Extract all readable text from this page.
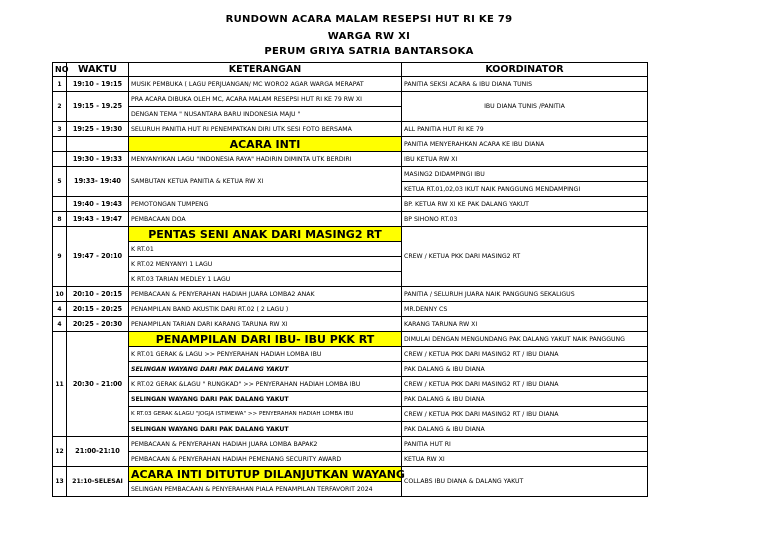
RUNDOWN ACARA MALAM RESEPSI HUT RI KE 79
WARGA RW XI
PERUM GRIYA SATRIA BANTARSOKA
NO	WAKTU	KETERANGAN	KOORDINATOR
1	19:10 - 19:15	MUSIK PEMBUKA ( LAGU PERJUANGAN/ MC WORO2 AGAR WARGA MERAPAT	PANITIA SEKSI ACARA & IBU DIANA TUNIS
2	19:15 - 19.25	PRA ACARA DIBUKA OLEH MC, ACARA MALAM RESEPSI HUT RI KE 79 RW XI	IBU DIANA TUNIS /PANITIA
		DENGAN TEMA " NUSANTARA BARU INDONESIA MAJU "	
3	19:25 - 19:30	SELURUH PANITIA HUT RI PENEMPATKAN DIRI UTK SESI FOTO BERSAMA	ALL PANITIA HUT RI KE 79
		ACARA INTI	PANITIA MENYERAHKAN ACARA KE IBU DIANA
	19:30 - 19:33	MENYANYIKAN LAGU "INDONESIA RAYA" HADIRIN DIMINTA UTK BERDIRI	IBU KETUA RW XI
5	19:33- 19:40	SAMBUTAN KETUA PANITIA & KETUA RW XI	MASING2 DIDAMPINGI IBU
			KETUA RT.01,02,03 IKUT NAIK PANGGUNG MENDAMPINGI
	19:40 - 19:43	PEMOTONGAN TUMPENG	BP. KETUA RW XI KE PAK DALANG YAKUT
8	19:43 - 19:47	PEMBACAAN DOA	BP SIHONO RT.03
9	19:47 - 20:10	PENTAS SENI ANAK DARI MASING2 RT	CREW / KETUA PKK DARI MASING2 RT
		K RT.01	
		K RT.02 MENYANYI 1 LAGU	
		K RT.03 TARIAN MEDLEY 1 LAGU	
10	20:10 - 20:15	PEMBACAAN & PENYERAHAN HADIAH JUARA LOMBA2 ANAK	PANITIA / SELURUH JUARA NAIK PANGGUNG SEKALIGUS
4	20:15 - 20:25	PENAMPILAN BAND AKUSTIK DARI RT.02 ( 2 LAGU )	MR.DENNY CS
4	20:25 - 20:30	PENAMPILAN TARIAN DARI KARANG TARUNA RW XI	KARANG TARUNA RW XI
11	20:30 - 21:00	PENAMPILAN DARI IBU- IBU PKK RT	DIMULAI DENGAN MENGUNDANG PAK DALANG YAKUT NAIK PANGGUNG
		K RT.01 GERAK & LAGU >> PENYERAHAN HADIAH LOMBA IBU	CREW / KETUA PKK DARI MASING2 RT / IBU DIANA
		SELINGAN WAYANG DARI PAK DALANG YAKUT	PAK DALANG & IBU DIANA
		K RT.02 GERAK &LAGU " RUNGKAD" >> PENYERAHAN HADIAH LOMBA IBU	CREW / KETUA PKK DARI MASING2 RT / IBU DIANA
		SELINGAN WAYANG DARI PAK DALANG YAKUT	PAK DALANG & IBU DIANA
		K RT.03 GERAK &LAGU "JOGJA ISTIMEWA" >> PENYERAHAN HADIAH LOMBA IBU	CREW / KETUA PKK DARI MASING2 RT / IBU DIANA
		SELINGAN WAYANG DARI PAK DALANG YAKUT	PAK DALANG & IBU DIANA
12	21:00-21:10	PEMBACAAN & PENYERAHAN HADIAH JUARA LOMBA BAPAK2	PANITIA HUT RI
		PEMBACAAN & PENYERAHAN HADIAH PEMENANG SECURITY AWARD	KETUA RW XI
13	21:10-SELESAI	ACARA INTI DITUTUP DILANJUTKAN WAYANG	COLLABS IBU DIANA & DALANG YAKUT
		SELINGAN PEMBACAAN & PENYERAHAN PIALA PENAMPILAN TERFAVORIT 2024	
